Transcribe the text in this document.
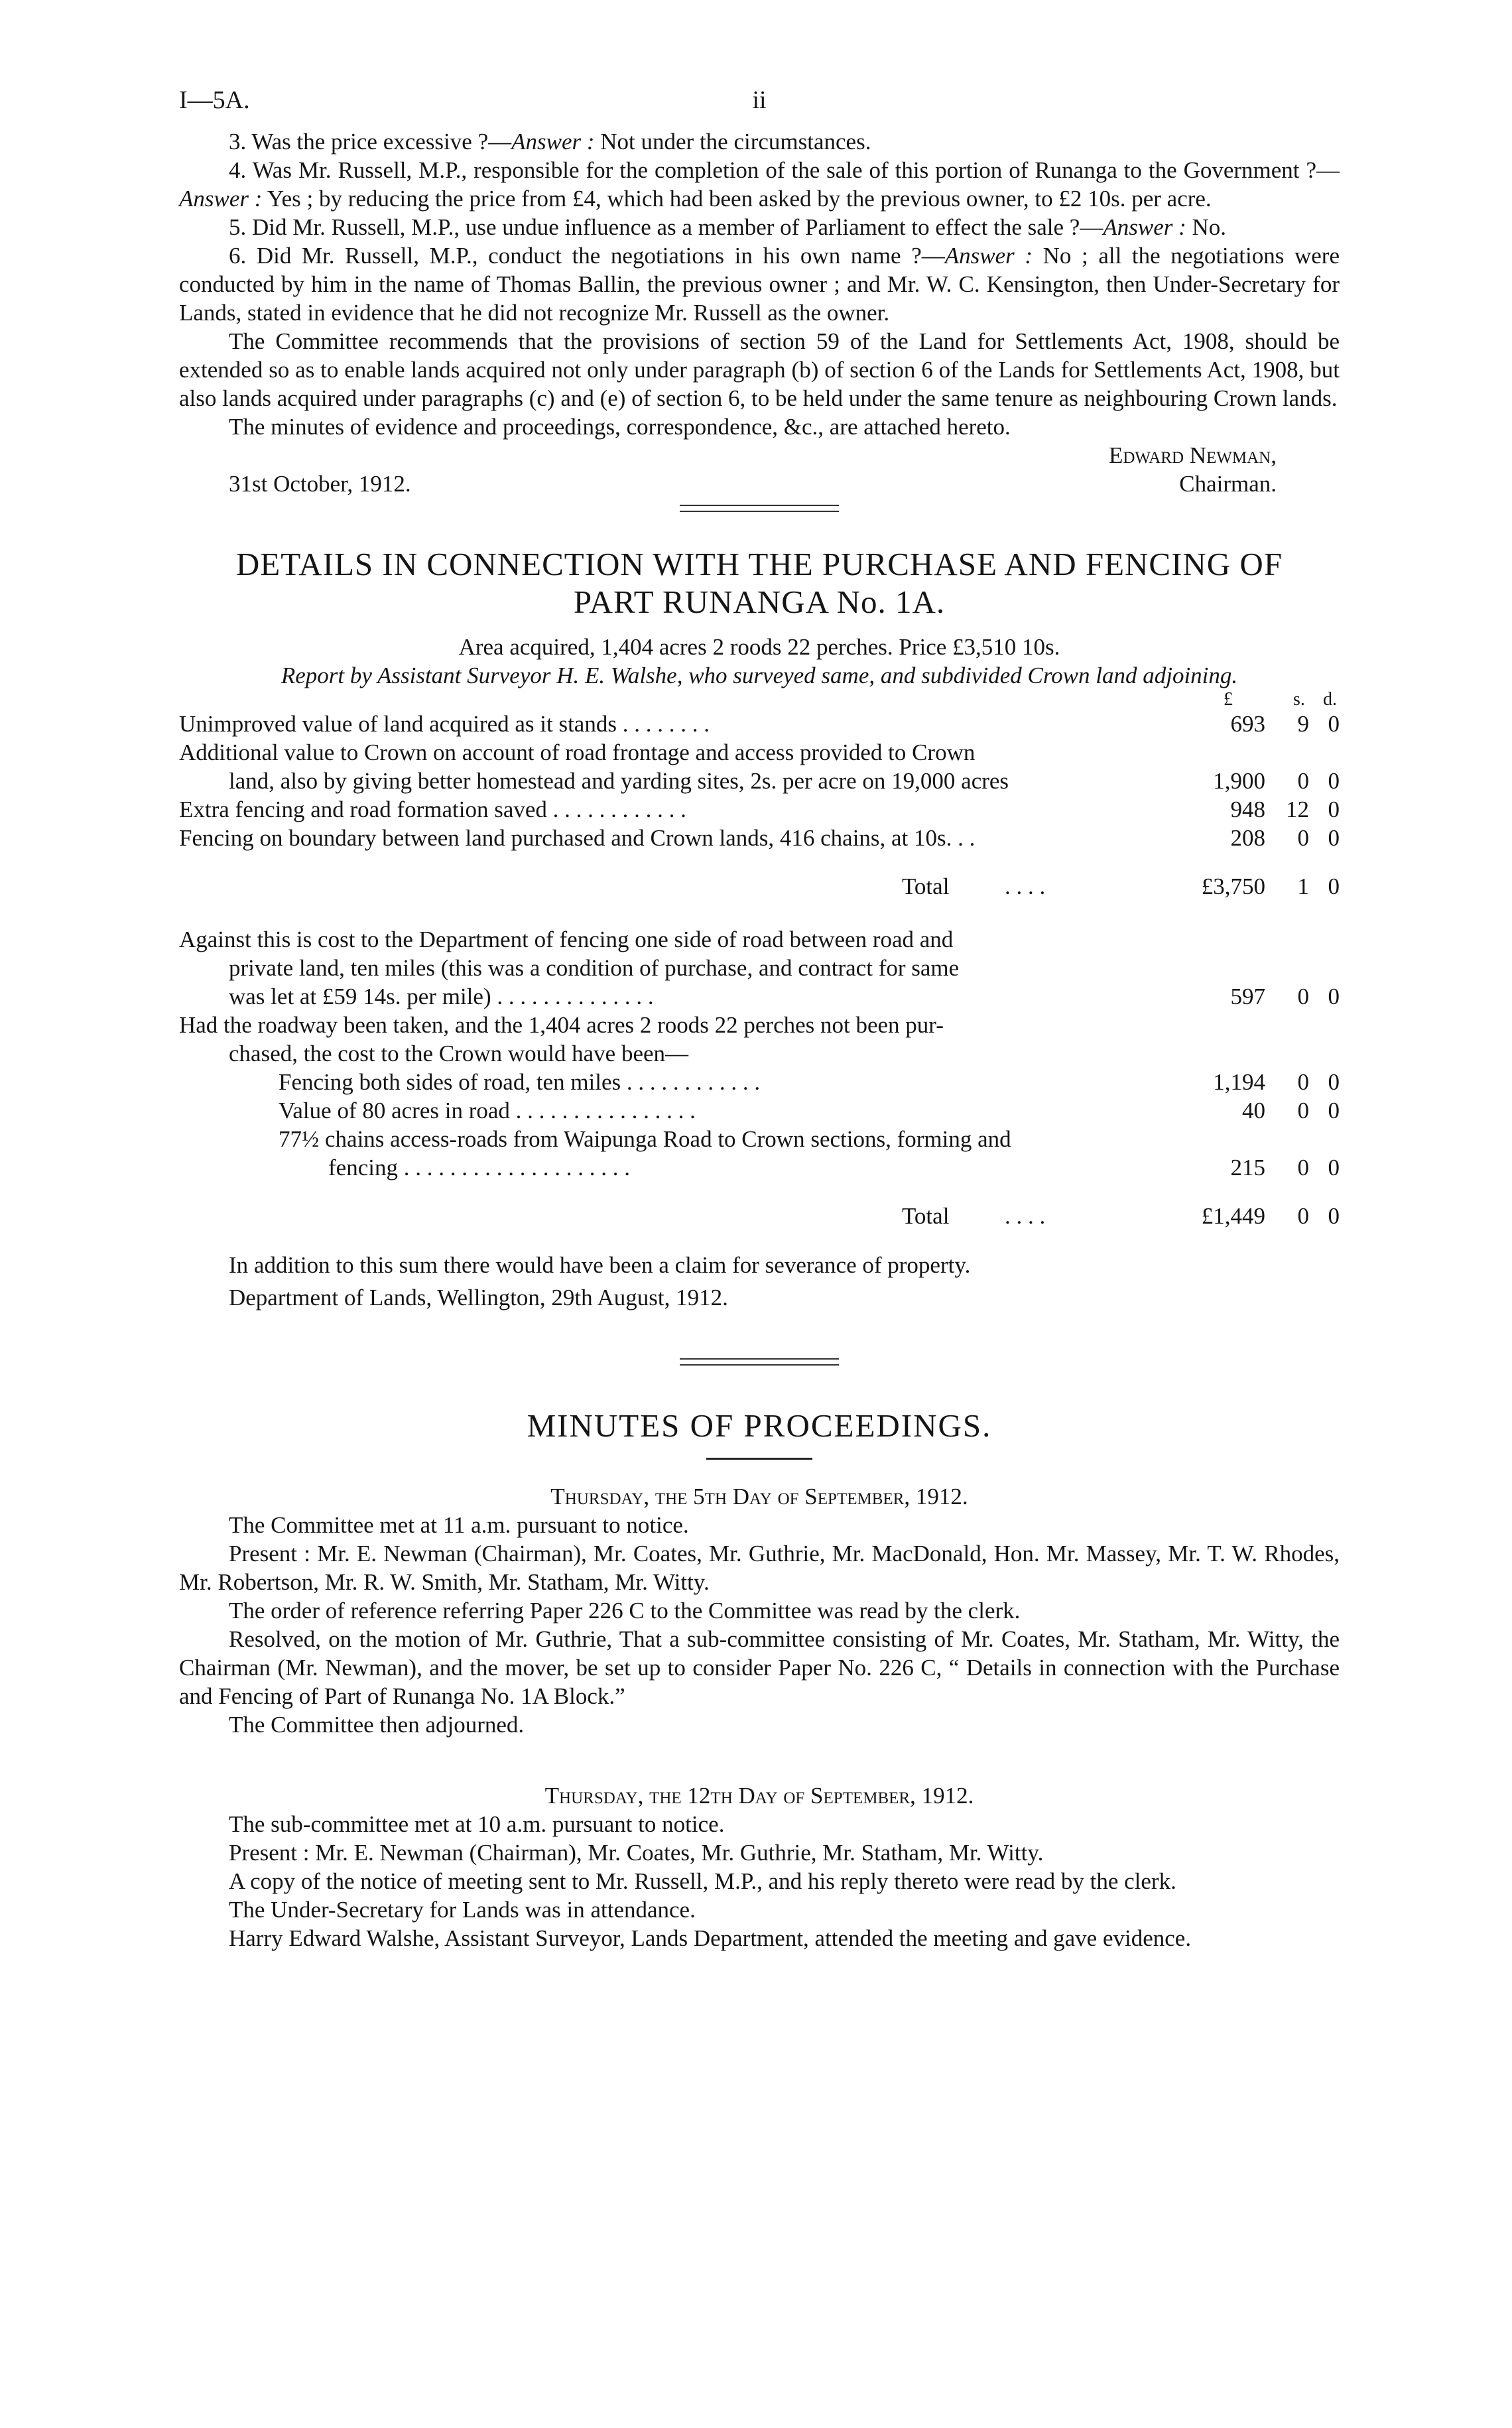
I—5A.	ii

3. Was the price excessive ?—Answer : Not under the circumstances.

4. Was Mr. Russell, M.P., responsible for the completion of the sale of this portion of Runanga to the Government ?—Answer : Yes ; by reducing the price from £4, which had been asked by the previous owner, to £2 10s. per acre.

5. Did Mr. Russell, M.P., use undue influence as a member of Parliament to effect the sale ?—Answer : No.

6. Did Mr. Russell, M.P., conduct the negotiations in his own name ?—Answer : No ; all the negotiations were conducted by him in the name of Thomas Ballin, the previous owner ; and Mr. W. C. Kensington, then Under-Secretary for Lands, stated in evidence that he did not recognize Mr. Russell as the owner.

The Committee recommends that the provisions of section 59 of the Land for Settlements Act, 1908, should be extended so as to enable lands acquired not only under paragraph (b) of section 6 of the Lands for Settlements Act, 1908, but also lands acquired under paragraphs (c) and (e) of section 6, to be held under the same tenure as neighbouring Crown lands.

The minutes of evidence and proceedings, correspondence, &c., are attached hereto.

Edward Newman,
31st October, 1912.	Chairman.
DETAILS IN CONNECTION WITH THE PURCHASE AND FENCING OF
PART RUNANGA No. 1A.
Area acquired, 1,404 acres 2 roods 22 perches. Price £3,510 10s.
Report by Assistant Surveyor H. E. Walshe, who surveyed same, and subdivided Crown land adjoining.
£	s. d.
Unimproved value of land acquired as it stands . . . . . . . .	693 9 0
Additional value to Crown on account of road frontage and access provided to Crown
land, also by giving better homestead and yarding sites, 2s. per acre on 19,000 acres	1,900 0 0
Extra fencing and road formation saved . . . . . . . . . . . .	948 12 0
Fencing on boundary between land purchased and Crown lands, 416 chains, at 10s. . .	208 0 0
Total . . . .	£3,750 1 0
Against this is cost to the Department of fencing one side of road between road and
private land, ten miles (this was a condition of purchase, and contract for same
was let at £59 14s. per mile) . . . . . . . . . . . . . .	597 0 0
Had the roadway been taken, and the 1,404 acres 2 roods 22 perches not been pur-
chased, the cost to the Crown would have been—
Fencing both sides of road, ten miles . . . . . . . . . . . .	1,194 0 0
Value of 80 acres in road . . . . . . . . . . . . . . . .	40 0 0
77½ chains access-roads from Waipunga Road to Crown sections, forming and
fencing . . . . . . . . . . . . . . . . . . . .	215 0 0
Total . . . .	£1,449 0 0

In addition to this sum there would have been a claim for severance of property.

Department of Lands, Wellington, 29th August, 1912.

MINUTES OF PROCEEDINGS.
Thursday, the 5th Day of September, 1912.

The Committee met at 11 a.m. pursuant to notice.

Present : Mr. E. Newman (Chairman), Mr. Coates, Mr. Guthrie, Mr. MacDonald, Hon. Mr. Massey, Mr. T. W. Rhodes, Mr. Robertson, Mr. R. W. Smith, Mr. Statham, Mr. Witty.

The order of reference referring Paper 226 C to the Committee was read by the clerk.

Resolved, on the motion of Mr. Guthrie, That a sub-committee consisting of Mr. Coates, Mr. Statham, Mr. Witty, the Chairman (Mr. Newman), and the mover, be set up to consider Paper No. 226 C, “ Details in connection with the Purchase and Fencing of Part of Runanga No. 1A Block.”

The Committee then adjourned.

Thursday, the 12th Day of September, 1912.

The sub-committee met at 10 a.m. pursuant to notice.

Present : Mr. E. Newman (Chairman), Mr. Coates, Mr. Guthrie, Mr. Statham, Mr. Witty.

A copy of the notice of meeting sent to Mr. Russell, M.P., and his reply thereto were read by the clerk.

The Under-Secretary for Lands was in attendance.

Harry Edward Walshe, Assistant Surveyor, Lands Department, attended the meeting and gave evidence.
